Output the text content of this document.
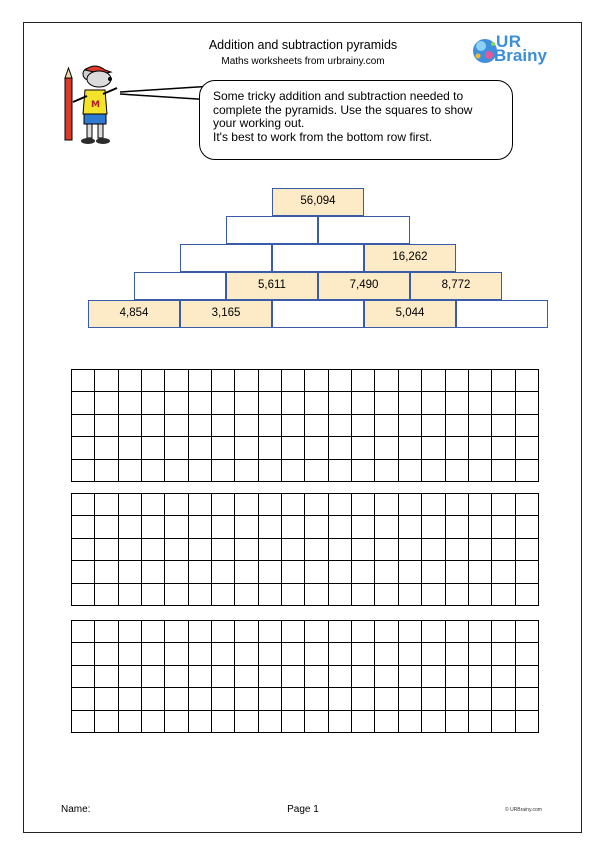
Addition and subtraction pyramids
Maths worksheets from urbrainy.com
UR
Brainy
M
Some tricky addition and subtraction needed to
complete the pyramids. Use the squares to show
your working out.
It's best to work from the bottom row first.
56,094
16,262
5,611	7,490	8,772
4,854	3,165	5,044
Name:	Page 1	© URBrainy.com
